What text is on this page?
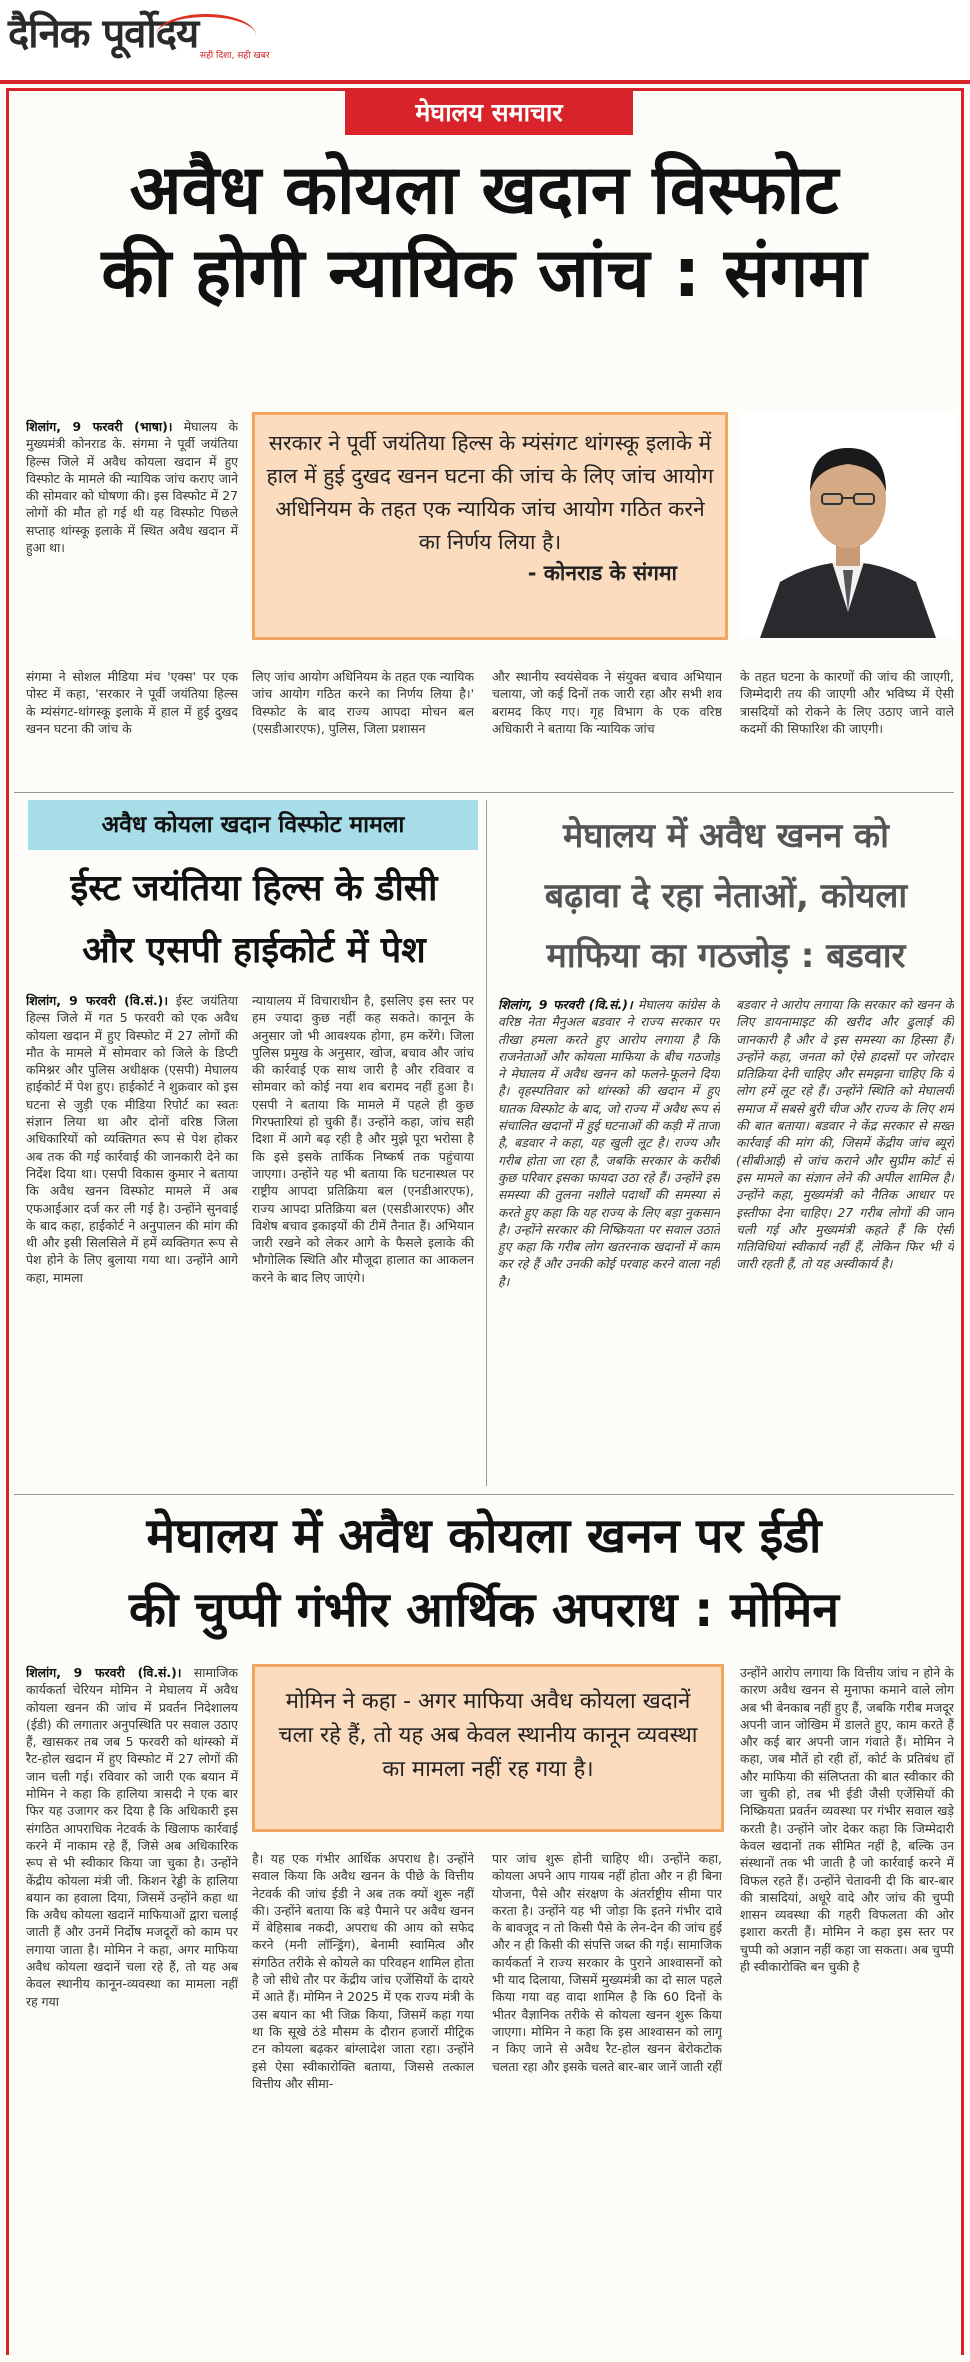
दैनिक पूर्वोदय सही दिशा, सही खबर
मेघालय समाचार
अवैध कोयला खदान विस्फोट
की होगी न्यायिक जांच : संगमा
शिलांग, 9 फरवरी (भाषा)। मेघालय के मुख्यमंत्री कोनराड के. संगमा ने पूर्वी जयंतिया हिल्स जिले में अवैध कोयला खदान में हुए विस्फोट के मामले की न्यायिक जांच कराए जाने की सोमवार को घोषणा की। इस विस्फोट में 27 लोगों की मौत हो गई थी यह विस्फोट पिछले सप्ताह थांग्स्कू इलाके में स्थित अवैध खदान में हुआ था।
संगमा ने सोशल मीडिया मंच 'एक्स' पर एक पोस्ट में कहा, 'सरकार ने पूर्वी जयंतिया हिल्स के म्यंसंगट-थांगस्कू इलाके में हाल में हुई दुखद खनन घटना की जांच के
सरकार ने पूर्वी जयंतिया हिल्स के म्यंसंगट थांगस्कू इलाके में हाल में हुई दुखद खनन घटना की जांच के लिए जांच आयोग अधिनियम के तहत एक न्यायिक जांच आयोग गठित करने का निर्णय लिया है।
- कोनराड के संगमा
लिए जांच आयोग अधिनियम के तहत एक न्यायिक जांच आयोग गठित करने का निर्णय लिया है।' विस्फोट के बाद राज्य आपदा मोचन बल (एसडीआरएफ), पुलिस, जिला प्रशासन
और स्थानीय स्वयंसेवक ने संयुक्त बचाव अभियान चलाया, जो कई दिनों तक जारी रहा और सभी शव बरामद किए गए। गृह विभाग के एक वरिष्ठ अधिकारी ने बताया कि न्यायिक जांच
के तहत घटना के कारणों की जांच की जाएगी, जिम्मेदारी तय की जाएगी और भविष्य में ऐसी त्रासदियों को रोकने के लिए उठाए जाने वाले कदमों की सिफारिश की जाएगी।
अवैध कोयला खदान विस्फोट मामला
ईस्ट जयंतिया हिल्स के डीसी
और एसपी हाईकोर्ट में पेश
शिलांग, 9 फरवरी (वि.सं.)। ईस्ट जयंतिया हिल्स जिले में गत 5 फरवरी को एक अवैध कोयला खदान में हुए विस्फोट में 27 लोगों की मौत के मामले में सोमवार को जिले के डिप्टी कमिश्नर और पुलिस अधीक्षक (एसपी) मेघालय हाईकोर्ट में पेश हुए। हाईकोर्ट ने शुक्रवार को इस घटना से जुड़ी एक मीडिया रिपोर्ट का स्वतः संज्ञान लिया था और दोनों वरिष्ठ जिला अधिकारियों को व्यक्तिगत रूप से पेश होकर अब तक की गई कार्रवाई की जानकारी देने का निर्देश दिया था। एसपी विकास कुमार ने बताया कि अवैध खनन विस्फोट मामले में अब एफआईआर दर्ज कर ली गई है। उन्होंने सुनवाई के बाद कहा, हाईकोर्ट ने अनुपालन की मांग की थी और इसी सिलसिले में हमें व्यक्तिगत रूप से पेश होने के लिए बुलाया गया था। उन्होंने आगे कहा, मामला
न्यायालय में विचाराधीन है, इसलिए इस स्तर पर हम ज्यादा कुछ नहीं कह सकते। कानून के अनुसार जो भी आवश्यक होगा, हम करेंगे। जिला पुलिस प्रमुख के अनुसार, खोज, बचाव और जांच की कार्रवाई एक साथ जारी है और रविवार व सोमवार को कोई नया शव बरामद नहीं हुआ है। एसपी ने बताया कि मामले में पहले ही कुछ गिरफ्तारियां हो चुकी हैं। उन्होंने कहा, जांच सही दिशा में आगे बढ़ रही है और मुझे पूरा भरोसा है कि इसे इसके तार्किक निष्कर्ष तक पहुंचाया जाएगा। उन्होंने यह भी बताया कि घटनास्थल पर राष्ट्रीय आपदा प्रतिक्रिया बल (एनडीआरएफ), राज्य आपदा प्रतिक्रिया बल (एसडीआरएफ) और विशेष बचाव इकाइयों की टीमें तैनात हैं। अभियान जारी रखने को लेकर आगे के फैसले इलाके की भौगोलिक स्थिति और मौजूदा हालात का आकलन करने के बाद लिए जाएंगे।
मेघालय में अवैध खनन को
बढ़ावा दे रहा नेताओं, कोयला
माफिया का गठजोड़ : बडवार
शिलांग, 9 फरवरी (वि.सं.)। मेघालय कांग्रेस के वरिष्ठ नेता मैनुअल बडवार ने राज्य सरकार पर तीखा हमला करते हुए आरोप लगाया है कि राजनेताओं और कोयला माफिया के बीच गठजोड़ ने मेघालय में अवैध खनन को फलने-फूलने दिया है। वृहस्पतिवार को थांग्स्को की खदान में हुए घातक विस्फोट के बाद, जो राज्य में अवैध रूप से संचालित खदानों में हुई घटनाओं की कड़ी में ताजा है, बडवार ने कहा, यह खुली लूट है। राज्य और गरीब होता जा रहा है, जबकि सरकार के करीबी कुछ परिवार इसका फायदा उठा रहे हैं। उन्होंने इस समस्या की तुलना नशीले पदार्थों की समस्या से करते हुए कहा कि यह राज्य के लिए बड़ा नुकसान है। उन्होंने सरकार की निष्क्रियता पर सवाल उठाते हुए कहा कि गरीब लोग खतरनाक खदानों में काम कर रहे हैं और उनकी कोई परवाह करने वाला नहीं है।
बडवार ने आरोप लगाया कि सरकार को खनन के लिए डायनामाइट की खरीद और ढुलाई की जानकारी है और वे इस समस्या का हिस्सा हैं। उन्होंने कहा, जनता को ऐसे हादसों पर जोरदार प्रतिक्रिया देनी चाहिए और समझना चाहिए कि ये लोग हमें लूट रहे हैं। उन्होंने स्थिति को मेघालयी समाज में सबसे बुरी चीज और राज्य के लिए शर्म की बात बताया। बडवार ने केंद्र सरकार से सख्त कार्रवाई की मांग की, जिसमें केंद्रीय जांच ब्यूरो (सीबीआई) से जांच कराने और सुप्रीम कोर्ट से इस मामले का संज्ञान लेने की अपील शामिल है। उन्होंने कहा, मुख्यमंत्री को नैतिक आधार पर इस्तीफा देना चाहिए। 27 गरीब लोगों की जान चली गई और मुख्यमंत्री कहते हैं कि ऐसी गतिविधियां स्वीकार्य नहीं हैं, लेकिन फिर भी ये जारी रहती हैं, तो यह अस्वीकार्य है।
मेघालय में अवैध कोयला खनन पर ईडी
की चुप्पी गंभीर आर्थिक अपराध : मोमिन
शिलांग, 9 फरवरी (वि.सं.)। सामाजिक कार्यकर्ता चेरियन मोमिन ने मेघालय में अवैध कोयला खनन की जांच में प्रवर्तन निदेशालय (ईडी) की लगातार अनुपस्थिति पर सवाल उठाए हैं, खासकर तब जब 5 फरवरी को थांग्स्को में रैट-होल खदान में हुए विस्फोट में 27 लोगों की जान चली गई। रविवार को जारी एक बयान में मोमिन ने कहा कि हालिया त्रासदी ने एक बार फिर यह उजागर कर दिया है कि अधिकारी इस संगठित आपराधिक नेटवर्क के खिलाफ कार्रवाई करने में नाकाम रहे हैं, जिसे अब अधिकारिक रूप से भी स्वीकार किया जा चुका है। उन्होंने केंद्रीय कोयला मंत्री जी. किशन रेड्डी के हालिया बयान का हवाला दिया, जिसमें उन्होंने कहा था कि अवैध कोयला खदानें माफियाओं द्वारा चलाई जाती हैं और उनमें निर्दोष मजदूरों को काम पर लगाया जाता है। मोमिन ने कहा, अगर माफिया अवैध कोयला खदानें चला रहे हैं, तो यह अब केवल स्थानीय कानून-व्यवस्था का मामला नहीं रह गया
मोमिन ने कहा - अगर माफिया अवैध कोयला खदानें चला रहे हैं, तो यह अब केवल स्थानीय कानून व्यवस्था का मामला नहीं रह गया है।
है। यह एक गंभीर आर्थिक अपराध है। उन्होंने सवाल किया कि अवैध खनन के पीछे के वित्तीय नेटवर्क की जांच ईडी ने अब तक क्यों शुरू नहीं की। उन्होंने बताया कि बड़े पैमाने पर अवैध खनन में बेहिसाब नकदी, अपराध की आय को सफेद करने (मनी लॉन्ड्रिंग), बेनामी स्वामित्व और संगठित तरीके से कोयले का परिवहन शामिल होता है जो सीधे तौर पर केंद्रीय जांच एजेंसियों के दायरे में आते हैं। मोमिन ने 2025 में एक राज्य मंत्री के उस बयान का भी जिक्र किया, जिसमें कहा गया था कि सूखे ठंडे मौसम के दौरान हजारों मीट्रिक टन कोयला बढ़कर बांग्लादेश जाता रहा। उन्होंने इसे ऐसा स्वीकारोक्ति बताया, जिससे तत्काल वित्तीय और सीमा-
पार जांच शुरू होनी चाहिए थी। उन्होंने कहा, कोयला अपने आप गायब नहीं होता और न ही बिना योजना, पैसे और संरक्षण के अंतर्राष्ट्रीय सीमा पार करता है। उन्होंने यह भी जोड़ा कि इतने गंभीर दावे के बावजूद न तो किसी पैसे के लेन-देन की जांच हुई और न ही किसी की संपत्ति जब्त की गई। सामाजिक कार्यकर्ता ने राज्य सरकार के पुराने आश्वासनों को भी याद दिलाया, जिसमें मुख्यमंत्री का दो साल पहले किया गया वह वादा शामिल है कि 60 दिनों के भीतर वैज्ञानिक तरीके से कोयला खनन शुरू किया जाएगा। मोमिन ने कहा कि इस आश्वासन को लागू न किए जाने से अवैध रैट-होल खनन बेरोकटोक चलता रहा और इसके चलते बार-बार जानें जाती रहीं
उन्होंने आरोप लगाया कि वित्तीय जांच न होने के कारण अवैध खनन से मुनाफा कमाने वाले लोग अब भी बेनकाब नहीं हुए हैं, जबकि गरीब मजदूर अपनी जान जोखिम में डालते हुए, काम करते हैं और कई बार अपनी जान गंवाते हैं। मोमिन ने कहा, जब मौतें हो रही हों, कोर्ट के प्रतिबंध हों और माफिया की संलिप्तता की बात स्वीकार की जा चुकी हो, तब भी ईडी जैसी एजेंसियों की निष्क्रियता प्रवर्तन व्यवस्था पर गंभीर सवाल खड़े करती है। उन्होंने जोर देकर कहा कि जिम्मेदारी केवल खदानों तक सीमित नहीं है, बल्कि उन संस्थानों तक भी जाती है जो कार्रवाई करने में विफल रहते हैं। उन्होंने चेतावनी दी कि बार-बार की त्रासदियां, अधूरे वादे और जांच की चुप्पी शासन व्यवस्था की गहरी विफलता की ओर इशारा करती हैं। मोमिन ने कहा इस स्तर पर चुप्पी को अज्ञान नहीं कहा जा सकता। अब चुप्पी ही स्वीकारोक्ति बन चुकी है
